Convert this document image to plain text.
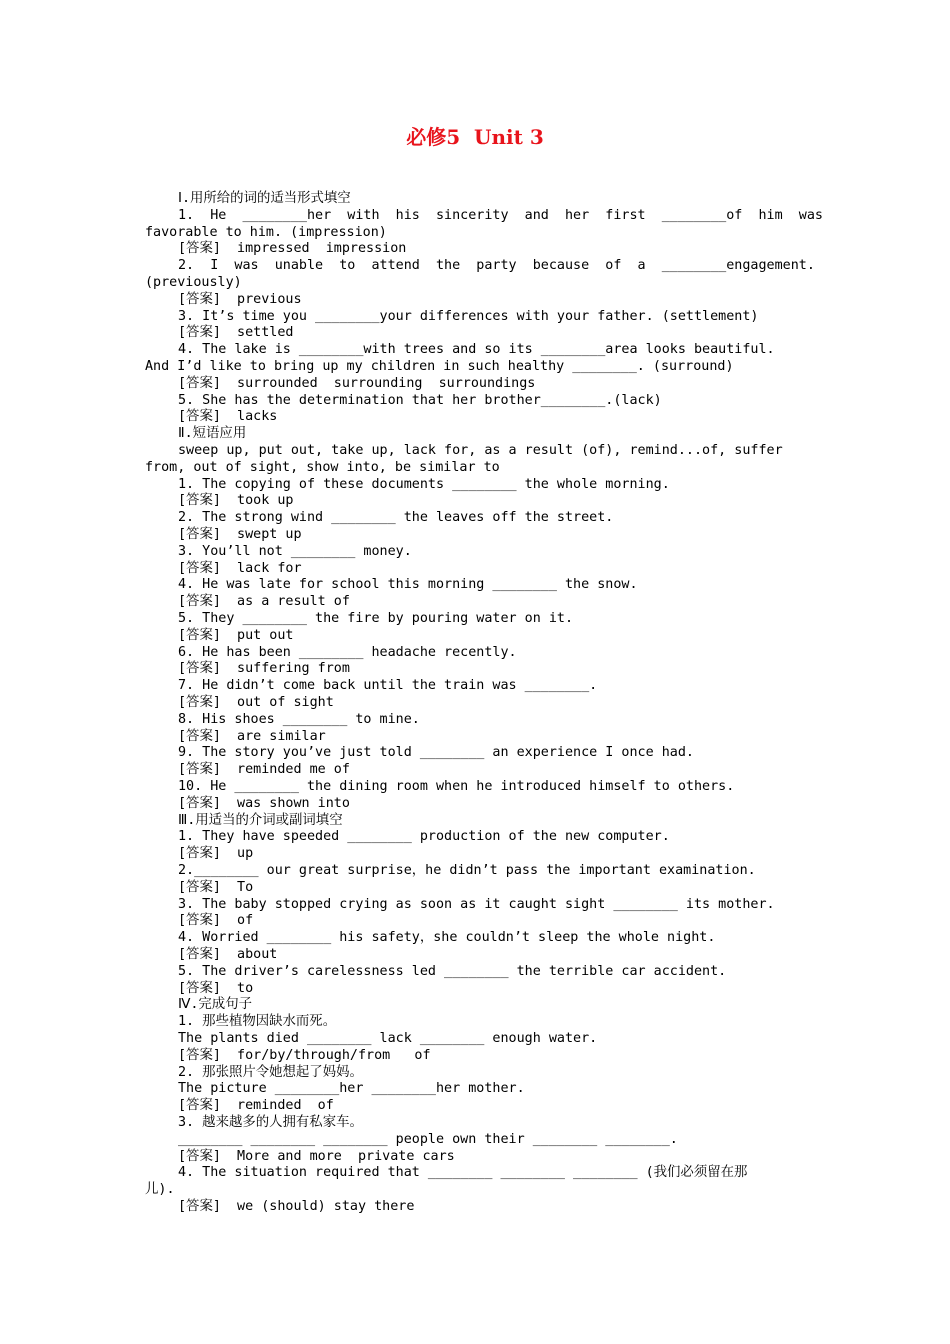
必修5  Unit 3
Ⅰ.用所给的词的适当形式填空
1.  He  ________her  with  his  sincerity  and  her  first  ________of  him  was
favorable to him. (impression)
[答案]  impressed  impression
2.  I  was  unable  to  attend  the  party  because  of  a  ________engagement.
(previously)
[答案]  previous
3. It’s time you ________your differences with your father. (settlement)
[答案]  settled
4. The lake is ________with trees and so its ________area looks beautiful.
And I’d like to bring up my children in such healthy ________. (surround)
[答案]  surrounded  surrounding  surroundings
5. She has the determination that her brother________.(lack)
[答案]  lacks
Ⅱ.短语应用
sweep up, put out, take up, lack for, as a result (of), remind...of, suffer
from, out of sight, show into, be similar to
1. The copying of these documents ________ the whole morning.
[答案]  took up
2. The strong wind ________ the leaves off the street.
[答案]  swept up
3. You’ll not ________ money.
[答案]  lack for
4. He was late for school this morning ________ the snow.
[答案]  as a result of
5. They ________ the fire by pouring water on it.
[答案]  put out
6. He has been ________ headache recently.
[答案]  suffering from
7. He didn’t come back until the train was ________.
[答案]  out of sight
8. His shoes ________ to mine.
[答案]  are similar
9. The story you’ve just told ________ an experience I once had.
[答案]  reminded me of
10. He ________ the dining room when he introduced himself to others.
[答案]  was shown into
Ⅲ.用适当的介词或副词填空
1. They have speeded ________ production of the new computer.
[答案]  up
2.________ our great surprise，he didn’t pass the important examination.
[答案]  To
3. The baby stopped crying as soon as it caught sight ________ its mother.
[答案]  of
4. Worried ________ his safety，she couldn’t sleep the whole night.
[答案]  about
5. The driver’s carelessness led ________ the terrible car accident.
[答案]  to
Ⅳ.完成句子
1. 那些植物因缺水而死。
The plants died ________ lack ________ enough water.
[答案]  for/by/through/from   of
2. 那张照片令她想起了妈妈。
The picture ________her ________her mother.
[答案]  reminded  of
3. 越来越多的人拥有私家车。
________ ________ ________ people own their ________ ________.
[答案]  More and more  private cars
4. The situation required that ________ ________ ________ (我们必须留在那
儿).
[答案]  we (should) stay there
